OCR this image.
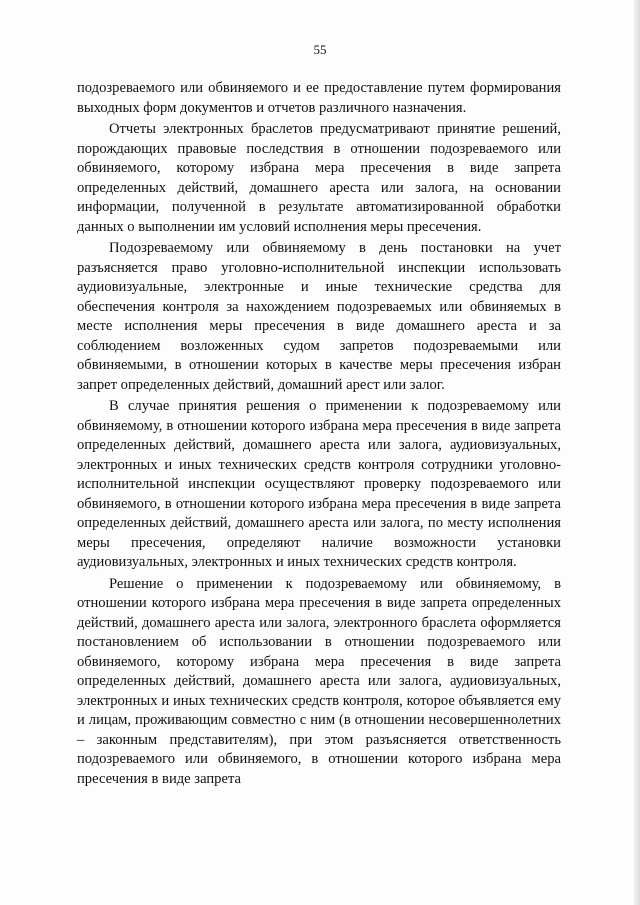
55

подозреваемого или обвиняемого и ее предоставление путем формирования выходных форм документов и отчетов различного назначения.

Отчеты электронных браслетов предусматривают принятие решений, порождающих правовые последствия в отношении подозреваемого или обвиняемого, которому избрана мера пресечения в виде запрета определенных действий, домашнего ареста или залога, на основании информации, полученной в результате автоматизированной обработки данных о выполнении им условий исполнения меры пресечения.

Подозреваемому или обвиняемому в день постановки на учет разъясняется право уголовно-исполнительной инспекции использовать аудиовизуальные, электронные и иные технические средства для обеспечения контроля за нахождением подозреваемых или обвиняемых в месте исполнения меры пресечения в виде домашнего ареста и за соблюдением возложенных судом запретов подозреваемыми или обвиняемыми, в отношении которых в качестве меры пресечения избран запрет определенных действий, домашний арест или залог.

В случае принятия решения о применении к подозреваемому или обвиняемому, в отношении которого избрана мера пресечения в виде запрета определенных действий, домашнего ареста или залога, аудиовизуальных, электронных и иных технических средств контроля сотрудники уголовно-исполнительной инспекции осуществляют проверку подозреваемого или обвиняемого, в отношении которого избрана мера пресечения в виде запрета определенных действий, домашнего ареста или залога, по месту исполнения меры пресечения, определяют наличие возможности установки аудиовизуальных, электронных и иных технических средств контроля.

Решение о применении к подозреваемому или обвиняемому, в отношении которого избрана мера пресечения в виде запрета определенных действий, домашнего ареста или залога, электронного браслета оформляется постановлением об использовании в отношении подозреваемого или обвиняемого, которому избрана мера пресечения в виде запрета определенных действий, домашнего ареста или залога, аудиовизуальных, электронных и иных технических средств контроля, которое объявляется ему и лицам, проживающим совместно с ним (в отношении несовершеннолетних – законным представителям), при этом разъясняется ответственность подозреваемого или обвиняемого, в отношении которого избрана мера пресечения в виде запрета
